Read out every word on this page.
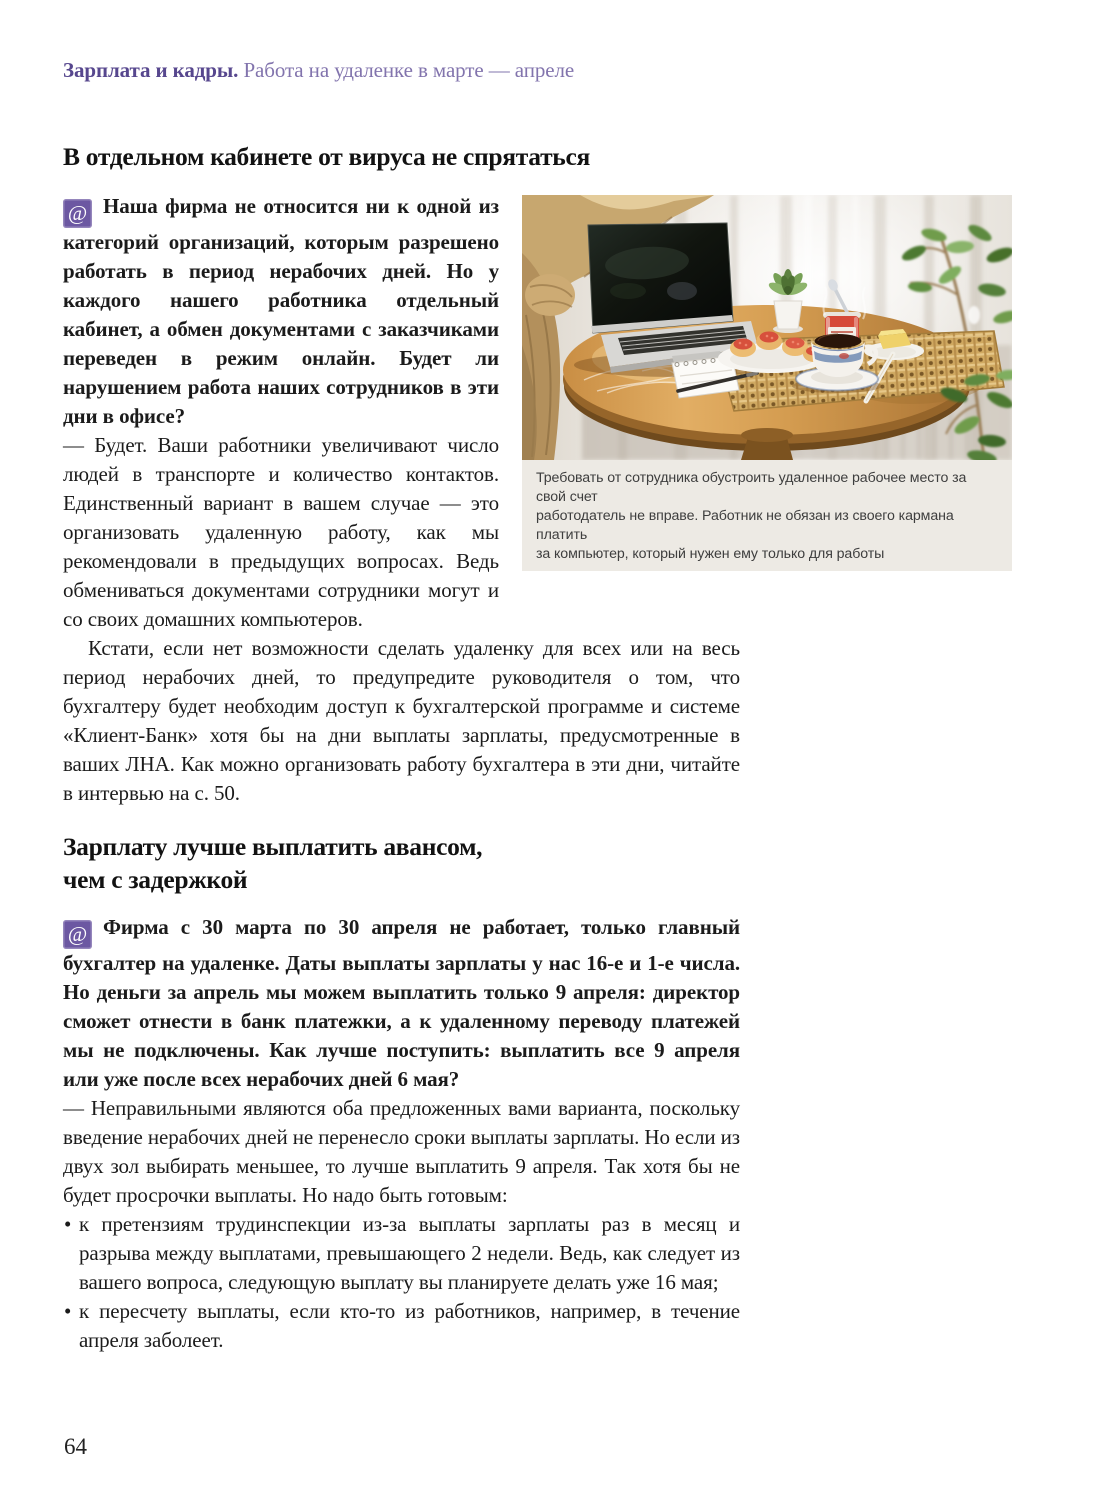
Зарплата и кадры. Работа на удаленке в марте — апреле
В отдельном кабинете от вируса не спрятаться
Требовать от сотрудника обустроить удаленное рабочее место за свой счет
работодатель не вправе. Работник не обязан из своего кармана платить
за компьютер, который нужен ему только для работы

@ Наша фирма не относится ни к одной из категорий организаций, которым разрешено работать в период нерабочих дней. Но у каждого нашего работника отдельный кабинет, а обмен документами с заказчиками переведен в режим онлайн. Будет ли нарушением работа наших сотрудников в эти дни в офисе?

— Будет. Ваши работники увеличивают число людей в транспорте и количество контактов. Единственный вариант в вашем случае — это организовать удаленную работу, как мы рекомендовали в предыдущих вопросах. Ведь обмениваться документами сотрудники могут и со своих домашних компьютеров.

Кстати, если нет возможности сделать удаленку для всех или на весь период нерабочих дней, то предупредите руководителя о том, что бухгалтеру будет необходим доступ к бухгалтерской программе и системе «Клиент-Банк» хотя бы на дни выплаты зарплаты, предусмотренные в ваших ЛНА. Как можно организовать работу бухгалтера в эти дни, читайте в интервью на с. 50.

Зарплату лучше выплатить авансом,
чем с задержкой

@ Фирма с 30 марта по 30 апреля не работает, только главный бухгалтер на удаленке. Даты выплаты зарплаты у нас 16-е и 1-е числа. Но деньги за апрель мы можем выплатить только 9 апреля: директор сможет отнести в банк платежки, а к удаленному переводу платежей мы не подключены. Как лучше поступить: выплатить все 9 апреля или уже после всех нерабочих дней 6 мая?

— Неправильными являются оба предложенных вами варианта, поскольку введение нерабочих дней не перенесло сроки выплаты зарплаты. Но если из двух зол выбирать меньшее, то лучше выплатить 9 апреля. Так хотя бы не будет просрочки выплаты. Но надо быть готовым:

• к претензиям трудинспекции из-за выплаты зарплаты раз в месяц и разрыва между выплатами, превышающего 2 недели. Ведь, как следует из вашего вопроса, следующую выплату вы планируете делать уже 16 мая;
• к пересчету выплаты, если кто-то из работников, например, в течение апреля заболеет.
64
